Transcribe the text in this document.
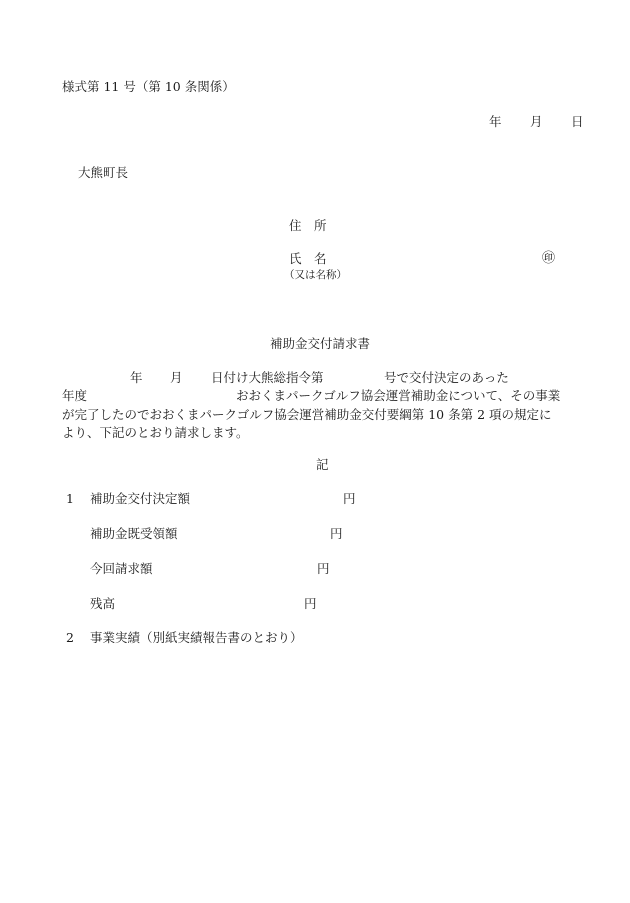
様式第 11 号（第 10 条関係）
年 月 日
大熊町長
住　所
氏　名	㊞
（又は名称）
補助金交付請求書
年 月 日付け大熊総指令第	号で交付決定のあった
年度	おおくまパークゴルフ協会運営補助金について、その事業
が完了したのでおおくまパークゴルフ協会運営補助金交付要綱第 10 条第 2 項の規定に
より、下記のとおり請求します。
記
1 補助金交付決定額	円
補助金既受領額	円
今回請求額	円
残高	円
2 事業実績（別紙実績報告書のとおり）
